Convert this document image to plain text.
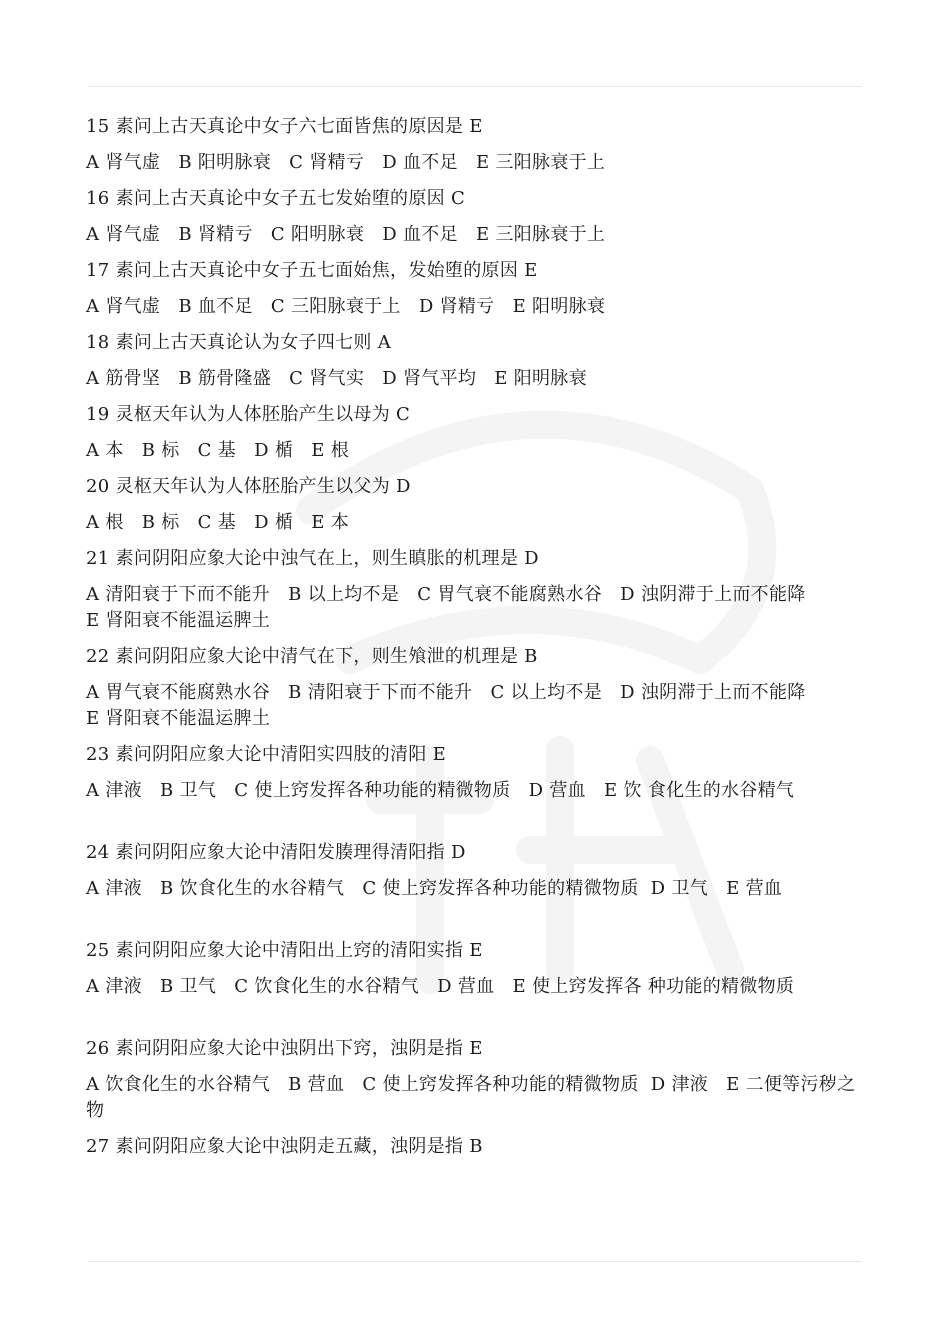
15 素问上古天真论中女子六七面皆焦的原因是 E
A 肾气虚 B 阳明脉衰 C 肾精亏 D 血不足 E 三阳脉衰于上
16 素问上古天真论中女子五七发始堕的原因 C
A 肾气虚 B 肾精亏 C 阳明脉衰 D 血不足 E 三阳脉衰于上
17 素问上古天真论中女子五七面始焦，发始堕的原因 E
A 肾气虚 B 血不足 C 三阳脉衰于上 D 肾精亏 E 阳明脉衰
18 素问上古天真论认为女子四七则 A
A 筋骨坚 B 筋骨隆盛 C 肾气实 D 肾气平均 E 阳明脉衰
19 灵枢天年认为人体胚胎产生以母为 C
A 本 B 标 C 基 D 楯 E 根
20 灵枢天年认为人体胚胎产生以父为 D
A 根 B 标 C 基 D 楯 E 本
21 素问阴阳应象大论中浊气在上，则生瞋胀的机理是 D
A 清阳衰于下而不能升 B 以上均不是 C 胃气衰不能腐熟水谷 D 浊阴滞于上而不能降   E 肾阳衰不能温运脾土
22 素问阴阳应象大论中清气在下，则生飧泄的机理是 B
A 胃气衰不能腐熟水谷 B 清阳衰于下而不能升 C 以上均不是 D 浊阴滞于上而不能降   E 肾阳衰不能温运脾土
23 素问阴阳应象大论中清阳实四肢的清阳 E
A 津液 B 卫气 C 使上窍发挥各种功能的精微物质 D 营血 E 饮 食化生的水谷精气
24 素问阴阳应象大论中清阳发腠理得清阳指 D
A 津液 B 饮食化生的水谷精气 C 使上窍发挥各种功能的精微物质 D 卫气 E 营血
25 素问阴阳应象大论中清阳出上窍的清阳实指 E
A 津液 B 卫气 C 饮食化生的水谷精气 D 营血 E 使上窍发挥各 种功能的精微物质
26 素问阴阳应象大论中浊阴出下窍，浊阴是指 E
A 饮食化生的水谷精气 B 营血 C 使上窍发挥各种功能的精微物质 D 津液 E 二便等污秽之物
27 素问阴阳应象大论中浊阴走五藏，浊阴是指 B
